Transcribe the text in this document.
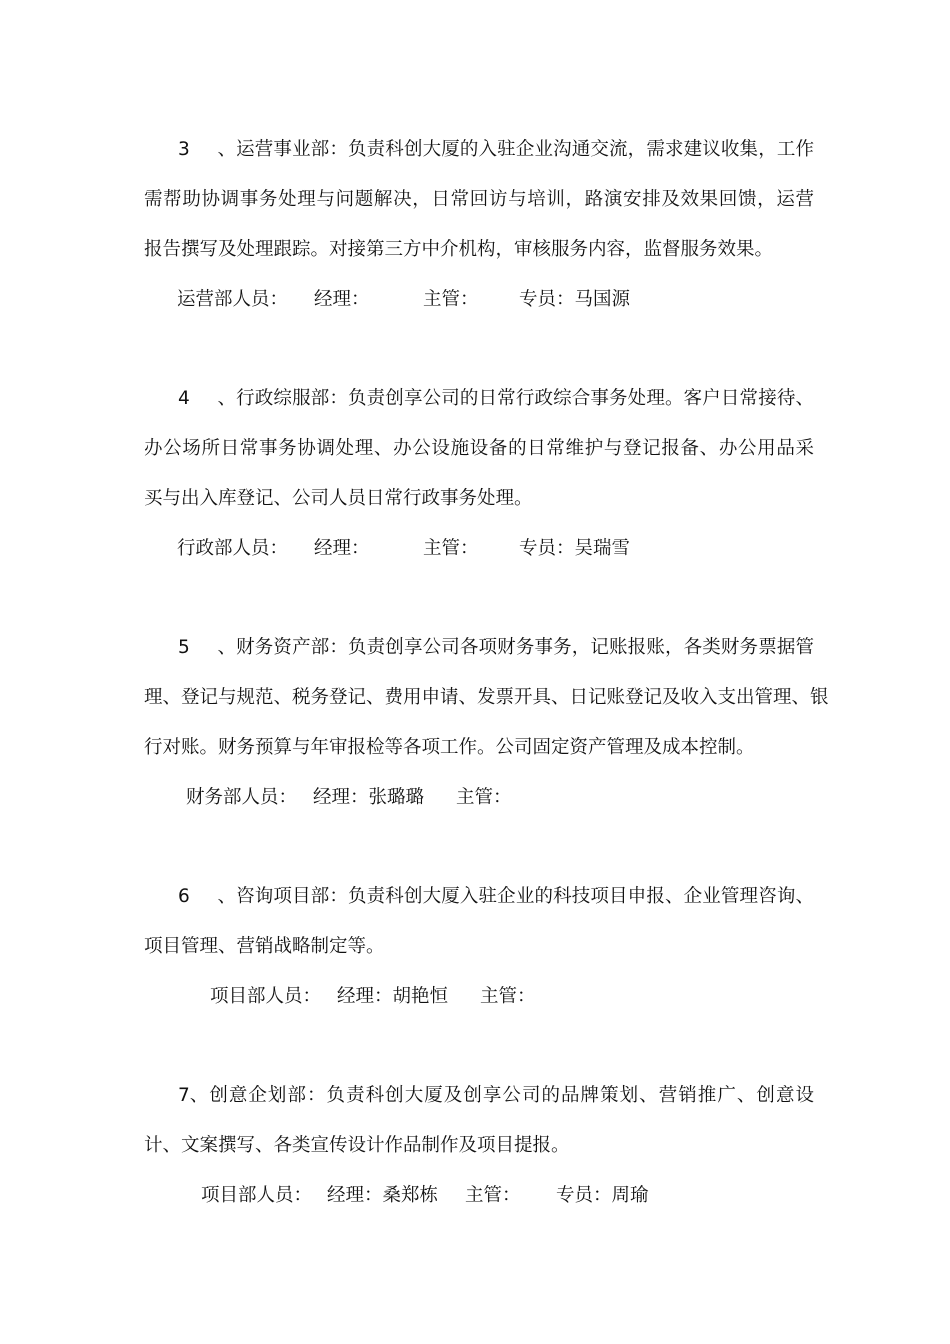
3、运营事业部：负责科创大厦的入驻企业沟通交流，需求建议收集，工作
需帮助协调事务处理与问题解决，日常回访与培训，路演安排及效果回馈，运营
报告撰写及处理跟踪。对接第三方中介机构，审核服务内容，监督服务效果。
运营部人员： 经理：	主管： 专员：马国源
4、行政综服部：负责创享公司的日常行政综合事务处理。客户日常接待、
办公场所日常事务协调处理、办公设施设备的日常维护与登记报备、办公用品采
买与出入库登记、公司人员日常行政事务处理。
行政部人员： 经理：	主管： 专员：吴瑞雪
5、财务资产部：负责创享公司各项财务事务，记账报账，各类财务票据管
理、登记与规范、税务登记、费用申请、发票开具、日记账登记及收入支出管理、银
行对账。财务预算与年审报检等各项工作。公司固定资产管理及成本控制。
财务部人员： 经理：张璐璐 主管：
6、咨询项目部：负责科创大厦入驻企业的科技项目申报、企业管理咨询、
项目管理、营销战略制定等。
项目部人员： 经理：胡艳恒 主管：
7、创意企划部：负责科创大厦及创享公司的品牌策划、营销推广、创意设
计、文案撰写、各类宣传设计作品制作及项目提报。
项目部人员： 经理：桑郑栋 主管： 专员：周瑜
